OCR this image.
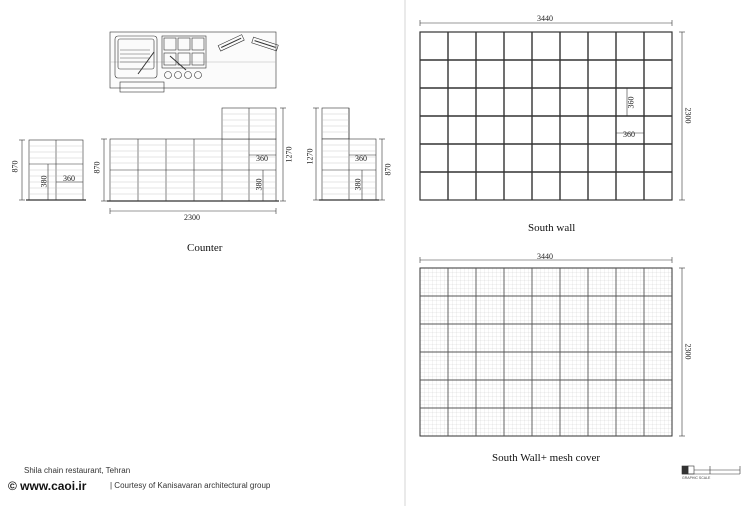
870
380 360
870
1270
360
380
2300
1270
870
360
380
Counter
3440
2300
360
360
South wall
3440
2300
South Wall+ mesh cover
Shila chain restaurant, Tehran
© www.caoi.ir	| Courtesy of Kanisavaran architectural group
GRAPHIC SCALE
